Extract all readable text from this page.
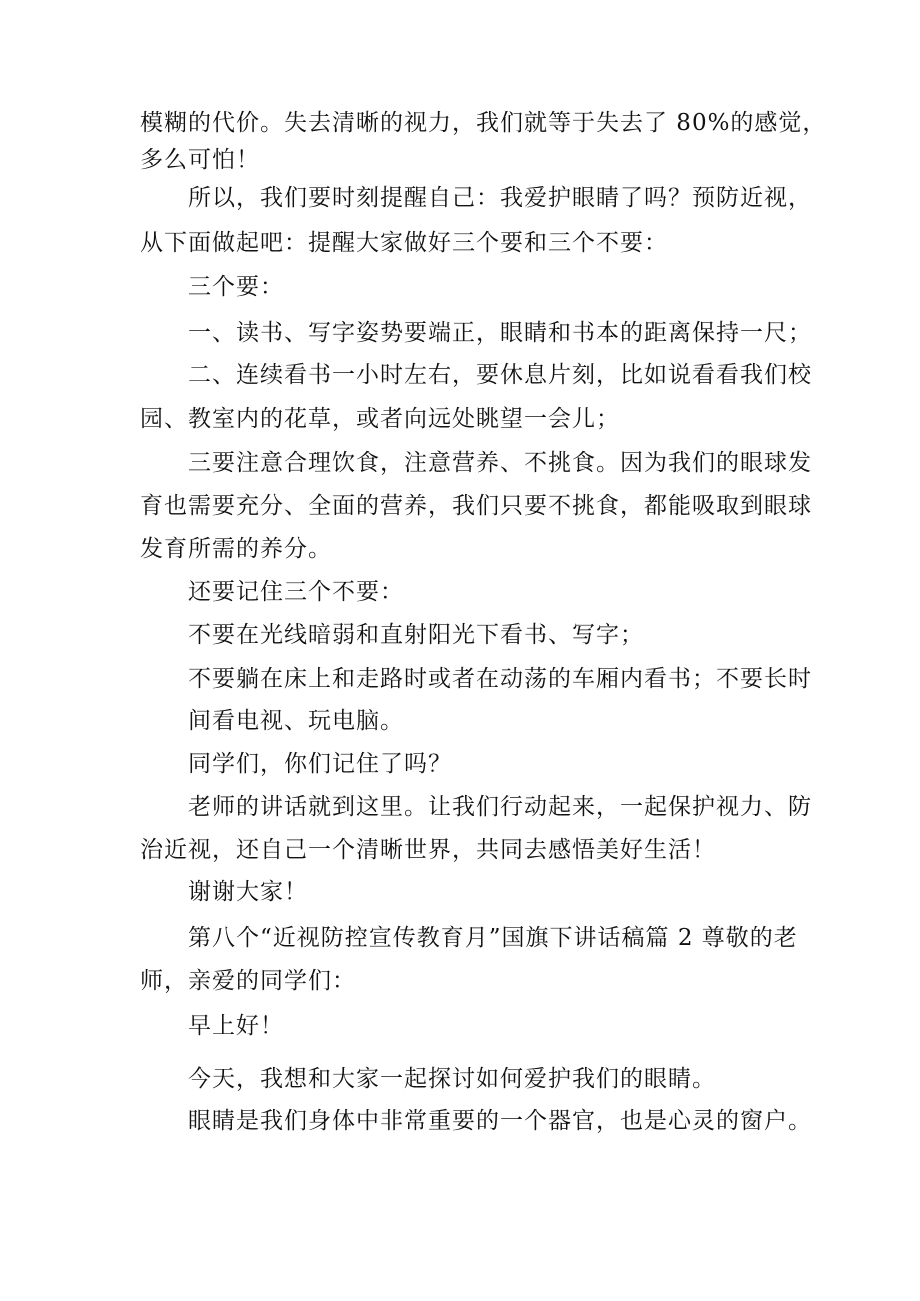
模糊的代价。失去清晰的视力，我们就等于失去了 80%的感觉，
多么可怕！
所以，我们要时刻提醒自己：我爱护眼睛了吗？预防近视，
从下面做起吧：提醒大家做好三个要和三个不要：
三个要：
一、读书、写字姿势要端正，眼睛和书本的距离保持一尺；
二、连续看书一小时左右，要休息片刻，比如说看看我们校
园、教室内的花草，或者向远处眺望一会儿；
三要注意合理饮食，注意营养、不挑食。因为我们的眼球发
育也需要充分、全面的营养，我们只要不挑食，都能吸取到眼球
发育所需的养分。
还要记住三个不要：
不要在光线暗弱和直射阳光下看书、写字；
不要躺在床上和走路时或者在动荡的车厢内看书；不要长时
间看电视、玩电脑。
同学们，你们记住了吗？
老师的讲话就到这里。让我们行动起来，一起保护视力、防
治近视，还自己一个清晰世界，共同去感悟美好生活！
谢谢大家！
第八个“近视防控宣传教育月”国旗下讲话稿篇 2 尊敬的老
师，亲爱的同学们：
早上好！
今天，我想和大家一起探讨如何爱护我们的眼睛。
眼睛是我们身体中非常重要的一个器官，也是心灵的窗户。
